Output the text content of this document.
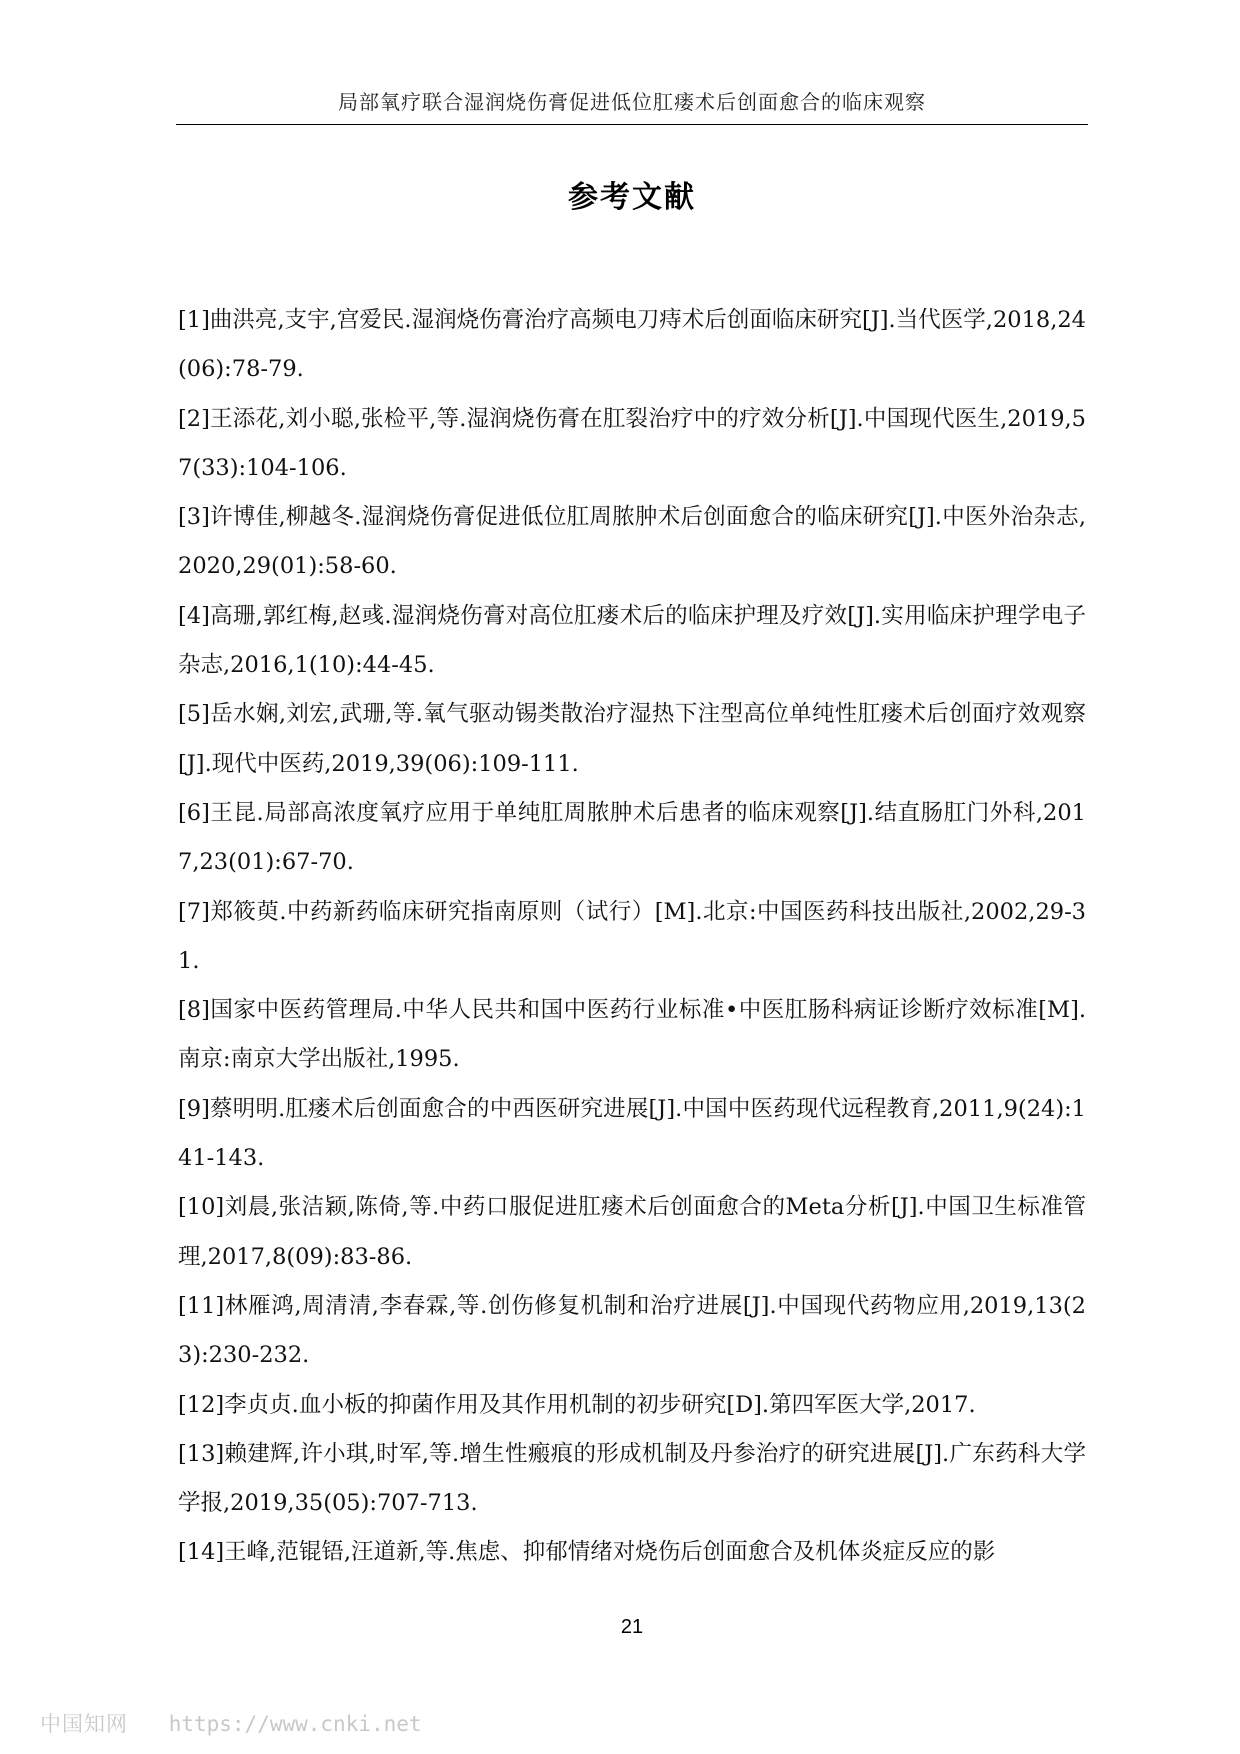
局部氧疗联合湿润烧伤膏促进低位肛瘘术后创面愈合的临床观察
参考文献
[1]曲洪亮,支宇,宫爱民.湿润烧伤膏治疗高频电刀痔术后创面临床研究[J].当代医学,2018,24(06):78-79.
[2]王添花,刘小聪,张检平,等.湿润烧伤膏在肛裂治疗中的疗效分析[J].中国现代医生,2019,57(33):104-106.
[3]许博佳,柳越冬.湿润烧伤膏促进低位肛周脓肿术后创面愈合的临床研究[J].中医外治杂志,2020,29(01):58-60.
[4]高珊,郭红梅,赵彧.湿润烧伤膏对高位肛瘘术后的临床护理及疗效[J].实用临床护理学电子杂志,2016,1(10):44-45.
[5]岳水娴,刘宏,武珊,等.氧气驱动锡类散治疗湿热下注型高位单纯性肛瘘术后创面疗效观察[J].现代中医药,2019,39(06):109-111.
[6]王昆.局部高浓度氧疗应用于单纯肛周脓肿术后患者的临床观察[J].结直肠肛门外科,2017,23(01):67-70.
[7]郑筱萸.中药新药临床研究指南原则（试行）[M].北京:中国医药科技出版社,2002,29-31.
[8]国家中医药管理局.中华人民共和国中医药行业标准•中医肛肠科病证诊断疗效标准[M].南京:南京大学出版社,1995.
[9]蔡明明.肛瘘术后创面愈合的中西医研究进展[J].中国中医药现代远程教育,2011,9(24):141-143.
[10]刘晨,张洁颖,陈倚,等.中药口服促进肛瘘术后创面愈合的Meta分析[J].中国卫生标准管理,2017,8(09):83-86.
[11]林雁鸿,周清清,李春霖,等.创伤修复机制和治疗进展[J].中国现代药物应用,2019,13(23):230-232.
[12]李贞贞.血小板的抑菌作用及其作用机制的初步研究[D].第四军医大学,2017.
[13]赖建辉,许小琪,时军,等.增生性瘢痕的形成机制及丹参治疗的研究进展[J].广东药科大学学报,2019,35(05):707-713.
[14]王峰,范锟铻,汪道新,等.焦虑、抑郁情绪对烧伤后创面愈合及机体炎症反应的影
21
中国知网 https://www.cnki.net
